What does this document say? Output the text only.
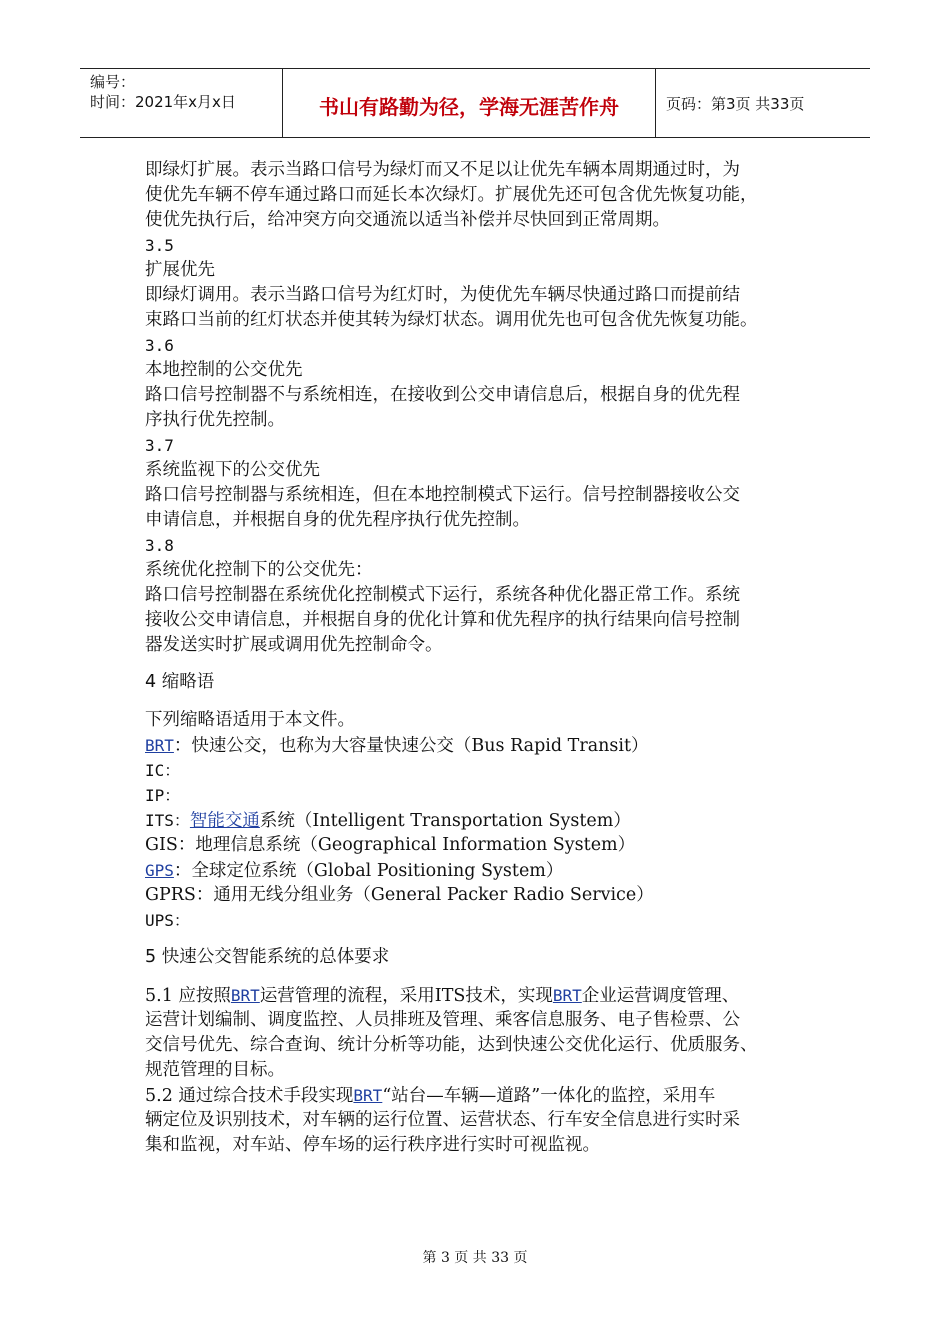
编号：
时间：2021年x月x日	书山有路勤为径，学海无涯苦作舟	页码：第3页 共33页
即绿灯扩展。表示当路口信号为绿灯而又不足以让优先车辆本周期通过时，为
使优先车辆不停车通过路口而延长本次绿灯。扩展优先还可包含优先恢复功能，
使优先执行后，给冲突方向交通流以适当补偿并尽快回到正常周期。
3.5
扩展优先
即绿灯调用。表示当路口信号为红灯时，为使优先车辆尽快通过路口而提前结
束路口当前的红灯状态并使其转为绿灯状态。调用优先也可包含优先恢复功能。
3.6
本地控制的公交优先
路口信号控制器不与系统相连，在接收到公交申请信息后，根据自身的优先程
序执行优先控制。
3.7
系统监视下的公交优先
路口信号控制器与系统相连，但在本地控制模式下运行。信号控制器接收公交
申请信息，并根据自身的优先程序执行优先控制。
3.8
系统优化控制下的公交优先：
路口信号控制器在系统优化控制模式下运行，系统各种优化器正常工作。系统
接收公交申请信息，并根据自身的优化计算和优先程序的执行结果向信号控制
器发送实时扩展或调用优先控制命令。
4 缩略语
下列缩略语适用于本文件。
BRT：快速公交，也称为大容量快速公交（Bus Rapid Transit）
IC：
IP：
ITS：智能交通系统（Intelligent Transportation System）
GIS：地理信息系统（Geographical Information System）
GPS：全球定位系统（Global Positioning System）
GPRS：通用无线分组业务（General Packer Radio Service）
UPS：
5 快速公交智能系统的总体要求
5.1 应按照BRT运营管理的流程，采用ITS技术，实现BRT企业运营调度管理、
运营计划编制、调度监控、人员排班及管理、乘客信息服务、电子售检票、公
交信号优先、综合查询、统计分析等功能，达到快速公交优化运行、优质服务、
规范管理的目标。
5.2 通过综合技术手段实现BRT“站台—车辆—道路”一体化的监控，采用车
辆定位及识别技术，对车辆的运行位置、运营状态、行车安全信息进行实时采
集和监视，对车站、停车场的运行秩序进行实时可视监视。
第 3 页 共 33 页
